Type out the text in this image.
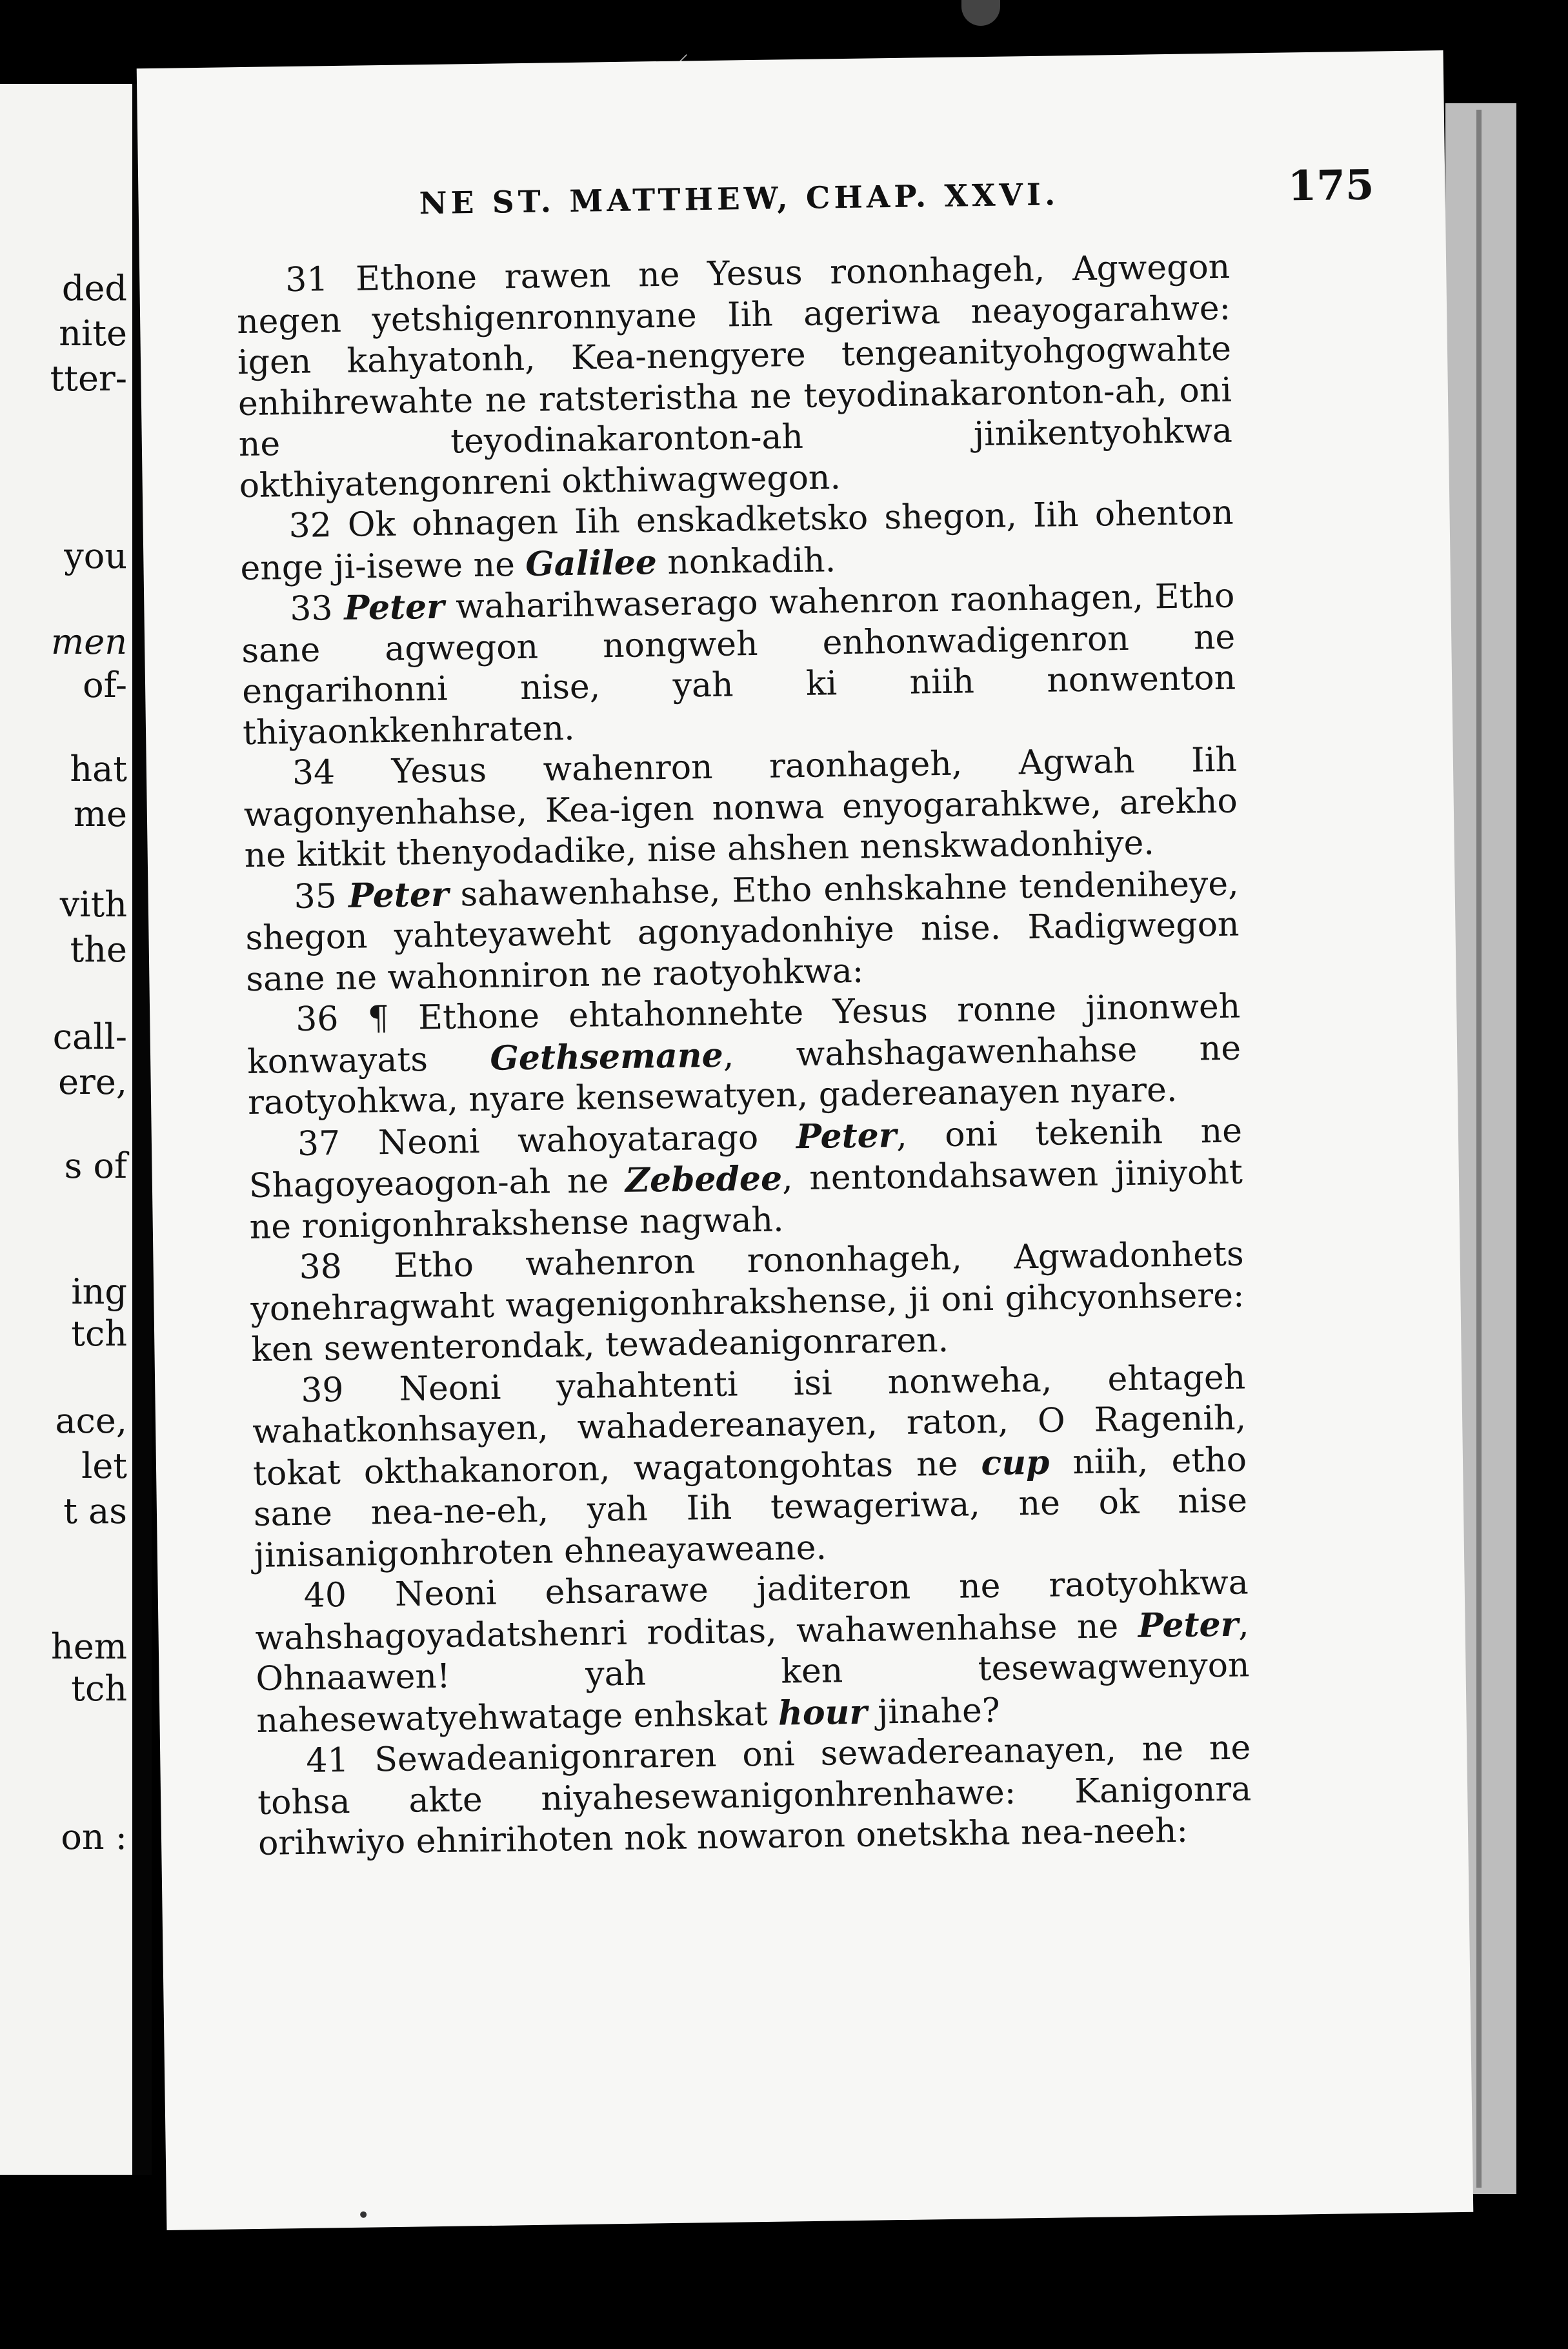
⸝
ded
nite
tter-
you
men
of-
hat
me
vith
the
call-
ere,
s of
ing
tch
ace,
let
t as
hem
tch
on :
NE ST. MATTHEW, CHAP. XXVI.	175

31 Ethone rawen ne Yesus rononhageh, Agwegon negen yetshigenronnyane Iih ageriwa neayogarahwe: igen kahyatonh, Kea-nengyere tengeanityohgogwahte enhihrewahte ne ratsteristha ne teyodinakaronton-ah, oni ne teyodinakaronton-ah jinikentyohkwa okthiyatengonreni okthiwagwegon.

32 Ok ohnagen Iih enskadketsko shegon, Iih ohenton enge ji-isewe ne Galilee nonkadih.

33 Peter waharihwaserago wahenron raonhagen, Etho sane agwegon nongweh enhonwadigenron ne engarihonni nise, yah ki niih nonwenton thiyaonkkenhraten.

34 Yesus wahenron raonhageh, Agwah Iih wagonyenhahse, Kea-igen nonwa enyogarahkwe, arekho ne kitkit thenyodadike, nise ahshen nenskwadonhiye.

35 Peter sahawenhahse, Etho enhskahne tendeniheye, shegon yahteyaweht agonyadonhiye nise. Radigwegon sane ne wahonniron ne raotyohkwa:

36 ¶ Ethone ehtahonnehte Yesus ronne jinonweh konwayats Gethsemane, wahshagawenhahse ne raotyohkwa, nyare kensewatyen, gadereanayen nyare.

37 Neoni wahoyatarago Peter, oni tekenih ne Shagoyeaogon-ah ne Zebedee, nentondahsawen jiniyoht ne ronigonhrakshense nagwah.

38 Etho wahenron rononhageh, Agwadonhets yonehragwaht wagenigonhrakshense, ji oni gihcyonhsere: ken sewenterondak, tewadeanigonraren.

39 Neoni yahahtenti isi nonweha, ehtageh wahatkonhsayen, wahadereanayen, raton, O Ragenih, tokat okthakanoron, wagatongohtas ne cup niih, etho sane nea-ne-eh, yah Iih tewageriwa, ne ok nise jinisanigonhroten ehneayaweane.

40 Neoni ehsarawe jaditeron ne raotyohkwa wahshagoyadatshenri roditas, wahawenhahse ne Peter, Ohnaawen! yah ken tesewagwenyon nahesewatyehwatage enhskat hour jinahe?

41 Sewadeanigonraren oni sewadereanayen, ne ne tohsa akte niyahesewanigonhrenhawe: Kanigonra orihwiyo ehnirihoten nok nowaron onetskha nea-neeh:
